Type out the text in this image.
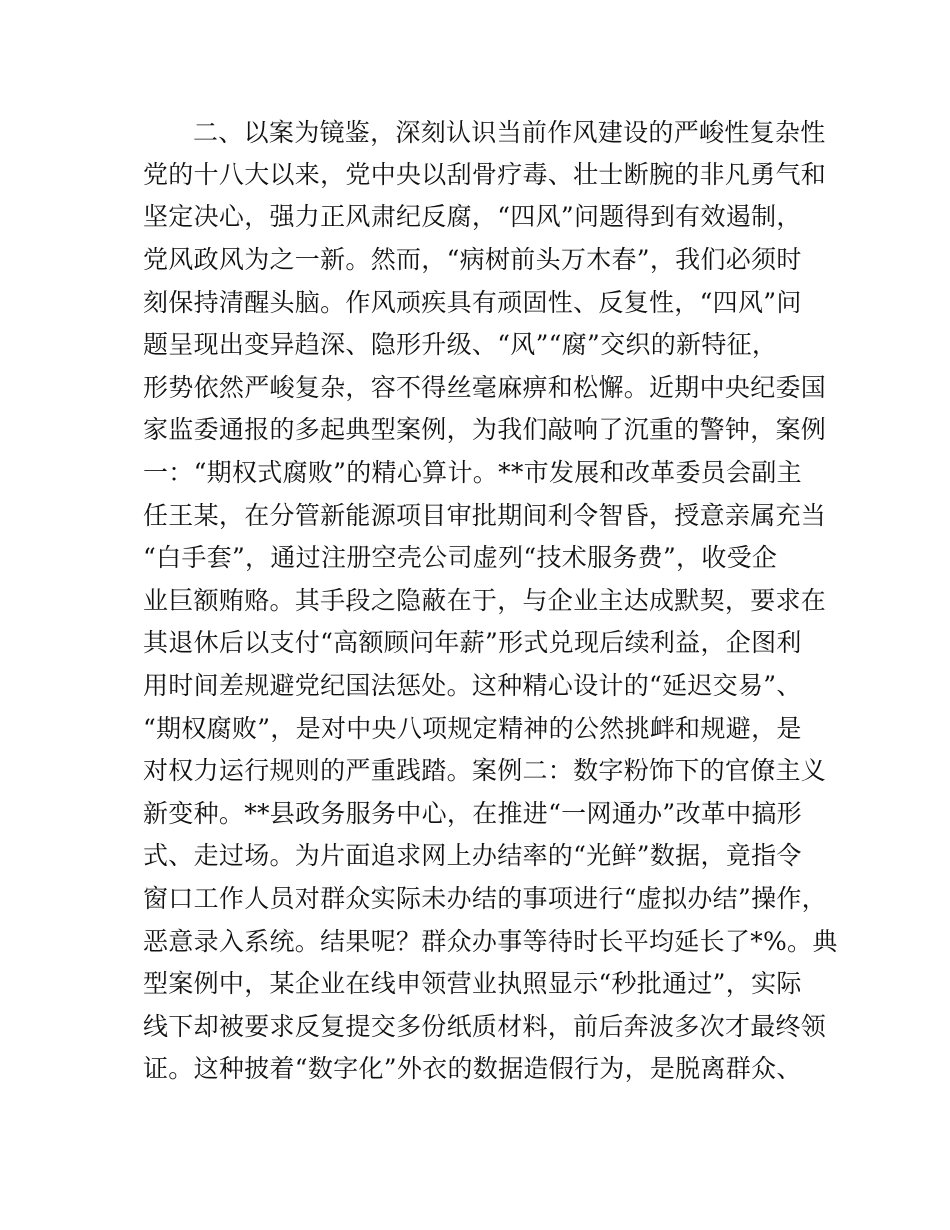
二、以案为镜鉴，深刻认识当前作风建设的严峻性复杂性
党的十八大以来，党中央以刮骨疗毒、壮士断腕的非凡勇气和
坚定决心，强力正风肃纪反腐，“四风”问题得到有效遏制，
党风政风为之一新。然而，“病树前头万木春”，我们必须时
刻保持清醒头脑。作风顽疾具有顽固性、反复性，“四风”问
题呈现出变异趋深、隐形升级、“风”“腐”交织的新特征，
形势依然严峻复杂，容不得丝毫麻痹和松懈。近期中央纪委国
家监委通报的多起典型案例，为我们敲响了沉重的警钟，案例
一：“期权式腐败”的精心算计。**市发展和改革委员会副主
任王某，在分管新能源项目审批期间利令智昏，授意亲属充当
“白手套”，通过注册空壳公司虚列“技术服务费”，收受企
业巨额贿赂。其手段之隐蔽在于，与企业主达成默契，要求在
其退休后以支付“高额顾问年薪”形式兑现后续利益，企图利
用时间差规避党纪国法惩处。这种精心设计的“延迟交易”、
“期权腐败”，是对中央八项规定精神的公然挑衅和规避，是
对权力运行规则的严重践踏。案例二：数字粉饰下的官僚主义
新变种。**县政务服务中心，在推进“一网通办”改革中搞形
式、走过场。为片面追求网上办结率的“光鲜”数据，竟指令
窗口工作人员对群众实际未办结的事项进行“虚拟办结”操作，
恶意录入系统。结果呢？群众办事等待时长平均延长了*%。典
型案例中，某企业在线申领营业执照显示“秒批通过”，实际
线下却被要求反复提交多份纸质材料，前后奔波多次才最终领
证。这种披着“数字化”外衣的数据造假行为，是脱离群众、
